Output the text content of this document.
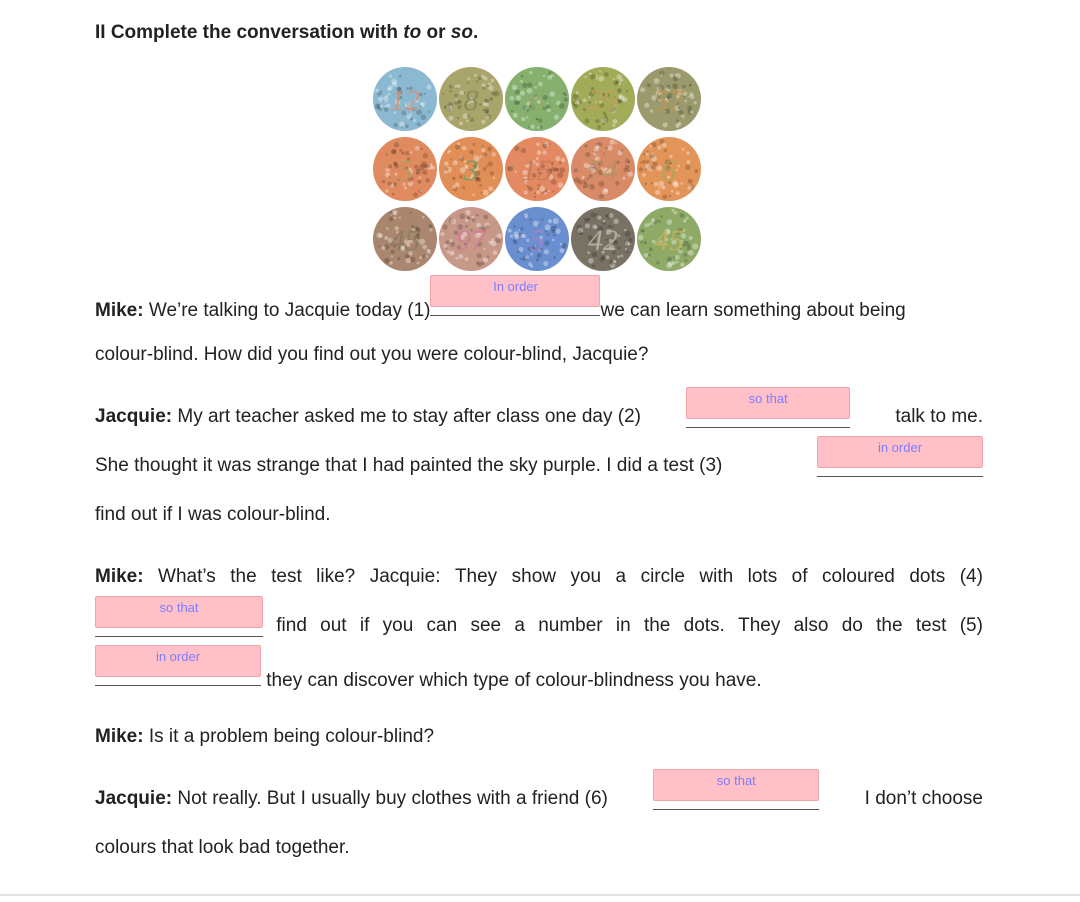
II Complete the conversation with to or so.
12 8 6 29 57
5 3 15 74 6
45 97 5 42 45
Mike: We’re talking to Jacquie today (1)
In order
we can learn something about being
colour-blind. How did you find out you were colour-blind, Jacquie?
Jacquie: My art teacher asked me to stay after class one day (2)
so that
talk to me.
She thought it was strange that I had painted the sky purple. I did a test (3)
in order
find out if I was colour-blind.
Mike: What’s the test like? Jacquie: They show you a circle with lots of coloured dots (4)
so that
find out if you can see a number in the dots. They also do the test (5)
in order
they can discover which type of colour-blindness you have.
Mike: Is it a problem being colour-blind?
Jacquie: Not really. But I usually buy clothes with a friend (6)
so that
I don’t choose
colours that look bad together.
